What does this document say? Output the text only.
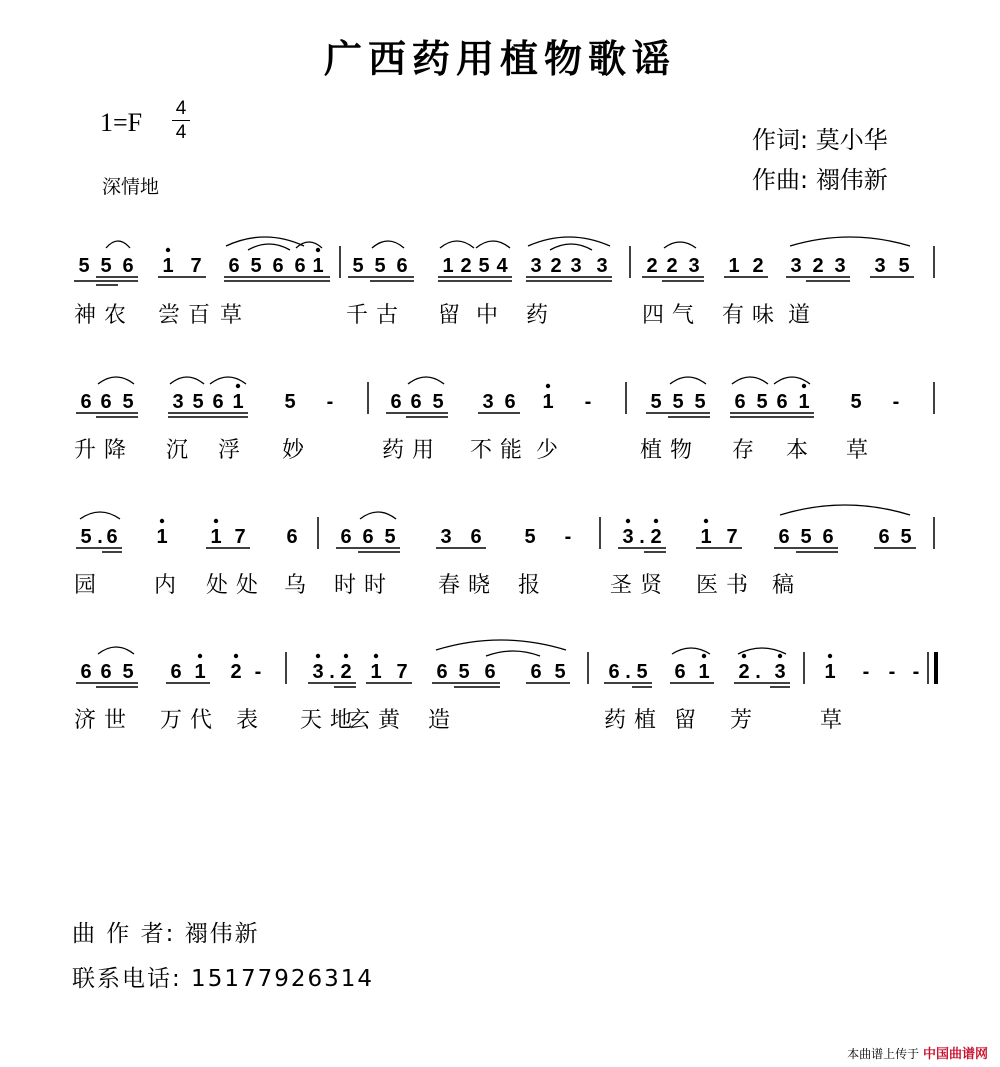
广西药用植物歌谣
1=F 4
4
深情地
作词: 莫小华
作曲: 禤伟新
5 5 6 1 7 6 5 6 6 1 5 5 6 1 2 5 4 3 2 3 3 2 2 3 1 2 3 2 3 3 5
6 6 5 3 5 6 1 5 -	6 6 5 3 6 1 -	5 5 5 6 5 6 1 5 -
5 . 6 1 1 7 6 6 6 5 3 6 5 -	3 . 2 1 7 6 5 6 6 5
6 6 5 6 1 2 -	3 . 2 1 7 6 5 6 6 5 6 . 5 6 1 2 . 3 1 - - -
神农 尝百 草	千古 留 中 药	四气 有味 道
升降 沉 浮 妙	药用 不能 少	植物 存 本 草
园	内 处处 乌 时时 春晓 报	圣贤 医书 稿
济世 万代 表 天地
玄黄 造	药植 留 芳	草
曲 作 者: 禤伟新
联系电话: 15177926314
本曲谱上传于 中国曲谱网
